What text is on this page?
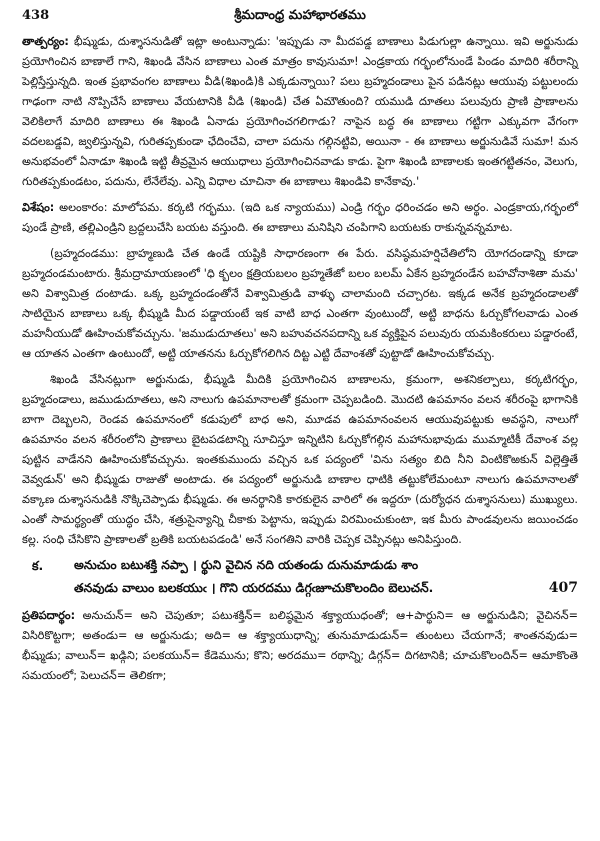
438	శ్రీమదాంధ్ర మహాభారతము

తాత్పర్యం: భీష్ముడు, దుశ్శాసనుడితో ఇట్లా అంటున్నాడు: 'ఇప్పుడు నా మీదపడ్డ బాణాలు పిడుగుల్లా ఉన్నాయి. ఇవి అర్జునుడు ప్రయోగించిన బాణాలే గాని, శిఖండి వేసిన బాణాలు ఎంత మాత్రం కావుసుమా! ఎండ్రకాయ గర్భంలోనుండే పిండం మాదిరి శరీరాన్ని పెల్లిస్తేస్తున్నది. ఇంత ప్రభావంగల బాణాలు వీడి(శిఖండి)కి ఎక్కడున్నాయి? పలు బ్రహ్మదండాలు పైన పడినట్లు ఆయువు పట్టులందు గాఢంగా నాటి నొప్పిచేసే బాణాలు వేయటానికి వీడి (శిఖండి) చేత ఏమౌతుంది? యముడి దూతలు పలువురు ప్రాణి ప్రాణాలను వెలికిలాగే మాదిరి బాణాలు ఈ శిఖండి ఏనాడు ప్రయోగించగలిగాడు? నాపైన బద్ధ ఈ బాణాలు గట్టిగా ఎక్కువగా వేగంగా వదలబడ్డవి, జ్వలిస్తున్నవి, గురితప్పకుండా ఛేదించేవి, చాలా పదును గల్గినట్టివి, అయినా - ఈ బాణాలు అర్జునుడివే సుమా! మన అనుభవంలో ఏనాడూ శిఖండి ఇట్టి తీవ్రమైన ఆయుధాలు ప్రయోగించినవాడు కాడు. పైగా శిఖండి బాణాలకు ఇంతగట్టితనం, వెలుగు, గురితప్పకుండటం, పదును, లేనేలేవు. ఎన్ని విధాల చూచినా ఈ బాణాలు శిఖండివి కానేకావు.'

విశేషం: అలంకారం: మాలోపమ. కర్కటి గర్భము. (ఇది ఒక న్యాయము) ఎండ్రి గర్భం ధరించడం అని అర్థం. ఎండ్రకాయ,గర్భంలో పుండే ప్రాణి, తల్లిఎండ్రిని బ్రద్దలుచేసి బయట వస్తుంది. ఈ బాణాలు మనిషిని చంపిగాని బయటకు రాకున్నవన్నమాట.

(బ్రహ్మదండము: బ్రాహ్మణుడి చేత ఉండే యష్టికి సాధారణంగా ఈ పేరు. వసిష్ఠమహర్షిచేతిలోని యోగదండాన్ని కూడా బ్రహ్మదండమంటారు. శ్రీమద్రామాయణంలో 'ధి క్బలం క్షత్రియబలం బ్రహ్మతేజో బలం బలమ్ ఏకేన బ్రహ్మదండేన బహవోనాశితా మమ' అని విశ్వామిత్ర దంటాడు. ఒక్క బ్రహ్మదండంతోనే విశ్వామిత్రుడి వాళ్ళు చాలామంది చచ్చారట. ఇక్కడ అనేక బ్రహ్మదండాలతో సాటియైన బాణాలు ఒక్క భీష్ముడి మీద పడ్డాయంటే ఇక వాటి బాధ ఎంతగా వుంటుందో, అట్టి బాధను ఓర్చుకోగలవాడు ఎంత మహనీయుడో ఊహించుకోవచ్చును. 'జముడుదూతలు' అని బహువచనపదాన్ని ఒక వ్యక్తిపైన పలువురు యమకింకరులు పడ్డారంటే, ఆ యాతన ఎంతగా ఉంటుందో, అట్టి యాతనను ఓర్చుకోగలిగిన దిట్ట ఎట్టి దేవాంశతో పుట్టాడో ఊహించుకోవచ్చు.

శిఖండి వేసినట్లుగా అర్జునుడు, భీష్ముడి మీదికి ప్రయోగించిన బాణాలను, క్రమంగా, అశనికల్పాలు, కర్కటిగర్భం, బ్రహ్మదండాలు, జముడుదూతలు, అని నాలుగు ఉపమానాలతో క్రమంగా చెప్పబడింది. మొదటి ఉపమానం వలన శరీరంపై భాగానికి బాగా దెబ్బలని, రెండవ ఉపమానంలో కడుపులో బాధ అని, మూడవ ఉపమానంవలన ఆయువుపట్టుకు అవస్థని, నాలుగో ఉపమానం వలన శరీరంలోని ప్రాణాలు బైటపడటాన్ని సూచిస్తూ ఇన్నిటిని ఓర్చుకోగల్గిన మహానుభావుడు ముమ్మాటికీ దేవాంశ వల్ల పుట్టిన వాడేనని ఊహించుకోవచ్చును. ఇంతకుముందు వచ్చిన ఒక పద్యంలో 'విను సత్యం బిది నీని వింటికొఱకున్ విల్లెత్తితే వెవ్వడున్' అని భీష్ముడు రాజుతో అంటాడు. ఈ పద్యంలో అర్జునుడి బాణాల ధాటికి తట్టుకోలేమంటూ నాలుగు ఉపమానాలతో వక్కాణ దుశ్శాసనుడికి నొక్కిచెప్పాడు భీష్ముడు. ఈ అనర్థానికి కారకులైన వారిలో ఈ ఇద్దరూ (దుర్యోధన దుశ్శాసనులు) ముఖ్యులు. ఎంతో సామర్థ్యంతో యుద్ధం చేసి, శత్రుసైన్యాన్ని చీకాకు పెట్టాను, ఇప్పుడు విరమించుకుంటా, ఇక మీరు పాండవులను జయించడం కల్ల. సంధి చేసికొని ప్రాణాలతో బ్రతికి బయటపడండి' అనే సంగతిని వారికి చెప్పక చెప్పినట్లు అనిపిస్తుంది.

క. అనుచుం బటుశక్తి నప్పా । ర్థుని వైచిన నది యతండు దునుమాడుడు శాం
తనవుడు వాలుం బలకయుఁ । గొని యరదము డిగ్గఁజూచుకొలందిం బెలుచన్.	407

ప్రతిపదార్థం: అనుచున్= అని చెపుతూ; పటుశక్తిన్= బలిష్ఠమైన శక్త్యాయుధంతో; ఆ+పార్థుని= ఆ అర్జునుడిని; వైచినన్= విసిరికొట్టగా; అతండు= ఆ అర్జునుడు; అది= ఆ శక్త్యాయుధాన్ని; తునుమాడుడున్= తుంటలు చేయగానే; శాంతనవుడు= భీష్ముడు; వాలున్= ఖడ్గిని; పలకయున్= కేడెమును; కొని; అరదము= రథాన్ని; డిగ్గన్= దిగటానికి; చూచుకొలందిన్= ఆమాకొంతె సమయంలో; పెలుచన్= తెలికగా;
